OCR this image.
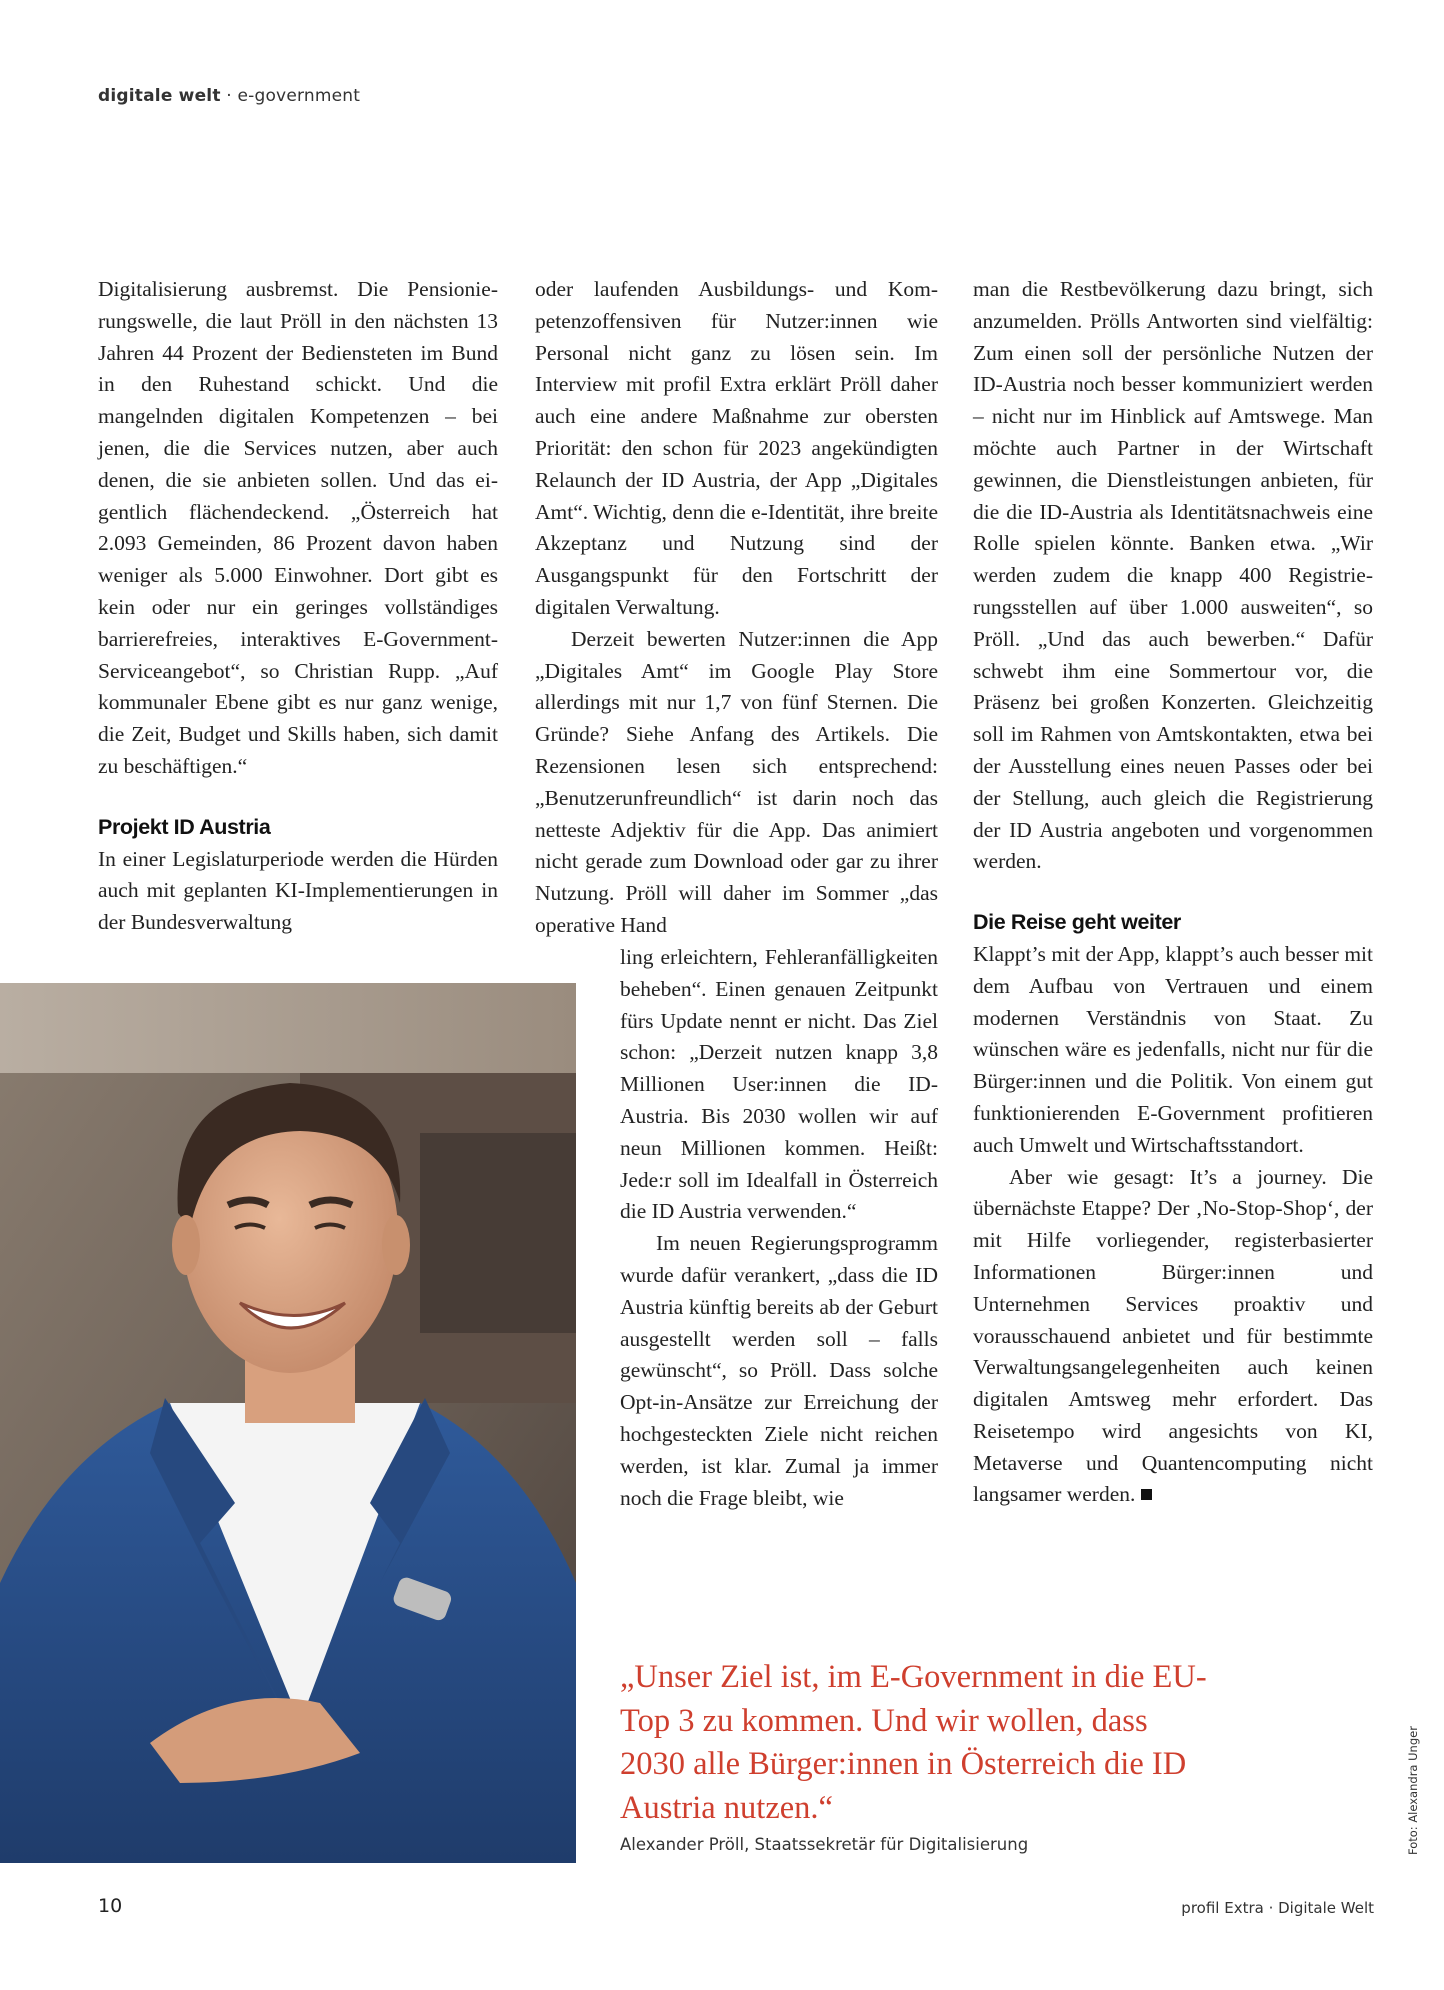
digitale welt · e-government

Digitalisierung ausbremst. Die Pensionierungswelle, die laut Pröll in den nächsten 13 Jahren 44 Prozent der Bediensteten im Bund in den Ruhestand schickt. Und die mangelnden digitalen Kompetenzen – bei jenen, die die Services nutzen, aber auch denen, die sie anbieten sollen. Und das eigentlich flächendeckend. „Österreich hat 2.093 Gemeinden, 86 Prozent davon haben weniger als 5.000 Einwohner. Dort gibt es kein oder nur ein geringes vollständiges barrierefreies, interaktives E-Government-Serviceangebot“, so Christian Rupp. „Auf kommunaler Ebene gibt es nur ganz wenige, die Zeit, Budget und Skills haben, sich damit zu beschäftigen.“

Projekt ID Austria

In einer Legislaturperiode werden die Hürden auch mit geplanten KI-Implementierungen in der Bundesverwaltung

oder laufenden Ausbildungs- und Kompetenzoffensiven für Nutzer:innen wie Personal nicht ganz zu lösen sein. Im Interview mit profil Extra erklärt Pröll daher auch eine andere Maßnahme zur obersten Priorität: den schon für 2023 angekündigten Relaunch der ID Austria, der App „Digitales Amt“. Wichtig, denn die e-Identität, ihre breite Akzeptanz und Nutzung sind der Ausgangspunkt für den Fortschritt der digitalen Verwaltung.

Derzeit bewerten Nutzer:innen die App „Digitales Amt“ im Google Play Store allerdings mit nur 1,7 von fünf Sternen. Die Gründe? Siehe Anfang des Artikels. Die Rezensionen lesen sich entsprechend: „Benutzerunfreundlich“ ist darin noch das netteste Adjektiv für die App. Das animiert nicht gerade zum Download oder gar zu ihrer Nutzung. Pröll will daher im Sommer „das operative Hand

ling erleichtern, Fehleranfälligkeiten beheben“. Einen genauen Zeitpunkt fürs Update nennt er nicht. Das Ziel schon: „Derzeit nutzen knapp 3,8 Millionen User:innen die ID-Austria. Bis 2030 wollen wir auf neun Millionen kommen. Heißt: Jede:r soll im Idealfall in Österreich die ID Austria verwenden.“

Im neuen Regierungsprogramm wurde dafür verankert, „dass die ID Austria künftig bereits ab der Geburt ausgestellt werden soll – falls gewünscht“, so Pröll. Dass solche Opt-in-Ansätze zur Erreichung der hochgesteckten Ziele nicht reichen werden, ist klar. Zumal ja immer noch die Frage bleibt, wie

man die Restbevölkerung dazu bringt, sich anzumelden. Prölls Antworten sind vielfältig: Zum einen soll der persönliche Nutzen der ID-Austria noch besser kommuniziert werden – nicht nur im Hinblick auf Amtswege. Man möchte auch Partner in der Wirtschaft gewinnen, die Dienstleistungen anbieten, für die die ID-Austria als Identitätsnachweis eine Rolle spielen könnte. Banken etwa. „Wir werden zudem die knapp 400 Registrierungsstellen auf über 1.000 ausweiten“, so Pröll. „Und das auch bewerben.“ Dafür schwebt ihm eine Sommertour vor, die Präsenz bei großen Konzerten. Gleichzeitig soll im Rahmen von Amtskontakten, etwa bei der Ausstellung eines neuen Passes oder bei der Stellung, auch gleich die Registrierung der ID Austria angeboten und vorgenommen werden.

Die Reise geht weiter

Klappt’s mit der App, klappt’s auch besser mit dem Aufbau von Vertrauen und einem modernen Verständnis von Staat. Zu wünschen wäre es jedenfalls, nicht nur für die Bürger:innen und die Politik. Von einem gut funktionierenden E-Government profitieren auch Umwelt und Wirtschaftsstandort.

Aber wie gesagt: It’s a journey. Die übernächste Etappe? Der ‚No-Stop-Shop‘, der mit Hilfe vorliegender, registerbasierter Informationen Bürger:innen und Unternehmen Services proaktiv und vorausschauend anbietet und für bestimmte Verwaltungsangelegenheiten auch keinen digitalen Amtsweg mehr erfordert. Das Reisetempo wird angesichts von KI, Metaverse und Quantencomputing nicht langsamer werden.

„Unser Ziel ist, im E-Government in die EU-Top 3 zu kommen. Und wir wollen, dass 2030 alle Bürger:innen in Österreich die ID Austria nutzen.“
Alexander Pröll, Staatssekretär für Digitalisierung	Foto: Alexandra Unger
10	profil Extra · Digitale Welt
